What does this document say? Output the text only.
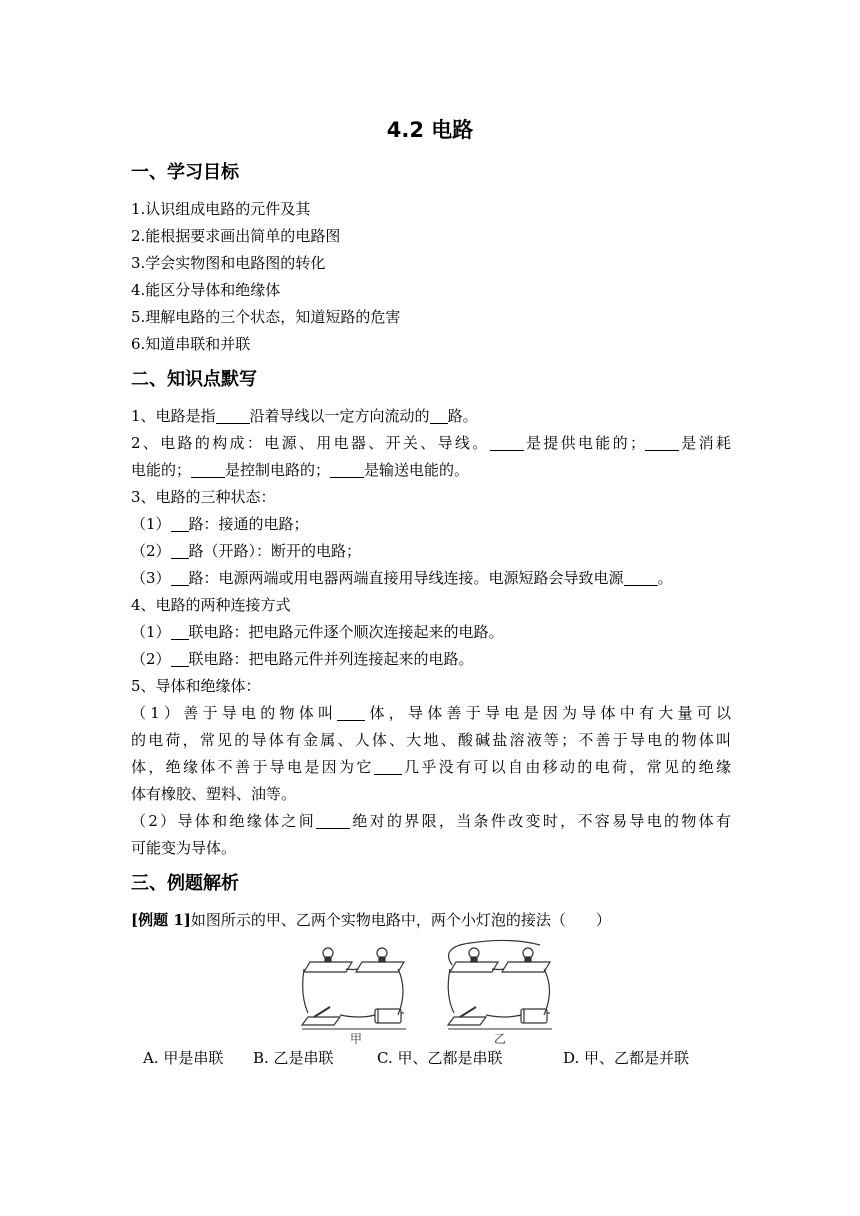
4.2 电路
一、学习目标
1.认识组成电路的元件及其
2.能根据要求画出简单的电路图
3.学会实物图和电路图的转化
4.能区分导体和绝缘体
5.理解电路的三个状态，知道短路的危害
6.知道串联和并联
二、知识点默写
1、电路是指 沿着导线以一定方向流动的 路。
2、电路的构成：电源、用电器、开关、导线。 是提供电能的； 是消耗
电能的； 是控制电路的； 是输送电能的。
3、电路的三种状态：
（1） 路：接通的电路；
（2） 路（开路）：断开的电路；
（3） 路：电源两端或用电器两端直接用导线连接。电源短路会导致电源 。
4、电路的两种连接方式
（1） 联电路：把电路元件逐个顺次连接起来的电路。
（2） 联电路：把电路元件并列连接起来的电路。
5、导体和绝缘体：
（1）善于导电的物体叫 体，导体善于导电是因为导体中有大量可以
的电荷，常见的导体有金属、人体、大地、酸碱盐溶液等；不善于导电的物体叫
体，绝缘体不善于导电是因为它 几乎没有可以自由移动的电荷，常见的绝缘
体有橡胶、塑料、油等。
（2）导体和绝缘体之间 绝对的界限，当条件改变时，不容易导电的物体有
可能变为导体。
三、例题解析
[例题 1]如图所示的甲、乙两个实物电路中，两个小灯泡的接法（　　）
甲	乙
A. 甲是串联 B. 乙是串联	C. 甲、乙都是串联	D. 甲、乙都是并联
